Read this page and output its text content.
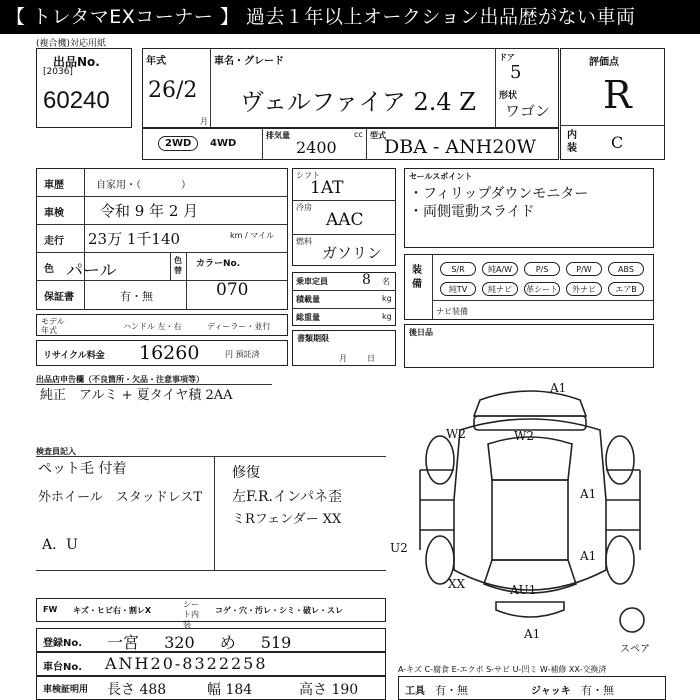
【 トレタマEXコーナー 】 過去１年以上オークション出品歴がない車両
(複合機)対応用紙
出品No.
[2036]
60240
年式
26/2
月
車名・グレード
ヴェルファイア 2.4 Z
ドア
5
形状
ワゴン
評価点
R
内装 C
2WD	4WD
排気量	cc
2400
型式
DBA - ANH20W
車歴	自家用・（　　　　）
車検 令和 9 年 2 月
走行 23万 1千140	km / マイル
色 パール
色替
カラーNo.
070
保証書	有・無
モデル年式	ハンドル 左・右	ディーラー・並行
リサイクル料金 16260	円 預託済
シフト
1AT
冷房
AAC
燃料
ガソリン
乗車定員 8 名
積載量	kg
総重量	kg
書類期限
月日
セールスポイント
・フィリップダウンモニター
・両側電動スライド
装備
S/R	純A/W	P/S	P/W	ABS
純TV	純ナビ	革シート	外ナビ	エアB
ナビ装備
後日品
出品店申告欄（不良箇所・欠品・注意事項等）
純正　アルミ + 夏タイヤ積 2AA
検査員記入
ペット毛 付着
外ホイール　スタッドレスT
A．U
修復
左F.R.インパネ歪
ミRフェンダー XX
A1
W2	W2
A1
A1
XX	AU1
A1
U2
スペア
FW キズ・ヒビ右・割レX
シート内装
コゲ・穴・汚レ・シミ・破レ・スレ
登録No. 一宮 320 め 519
車台No. ANH20-8322258
車検証明用 長さ 488	幅 184	高さ 190
A-キズ C-腐食 E-エクボ S-サビ U-凹ミ W-補修 XX-交換済
工具 有・無	ジャッキ 有・無
